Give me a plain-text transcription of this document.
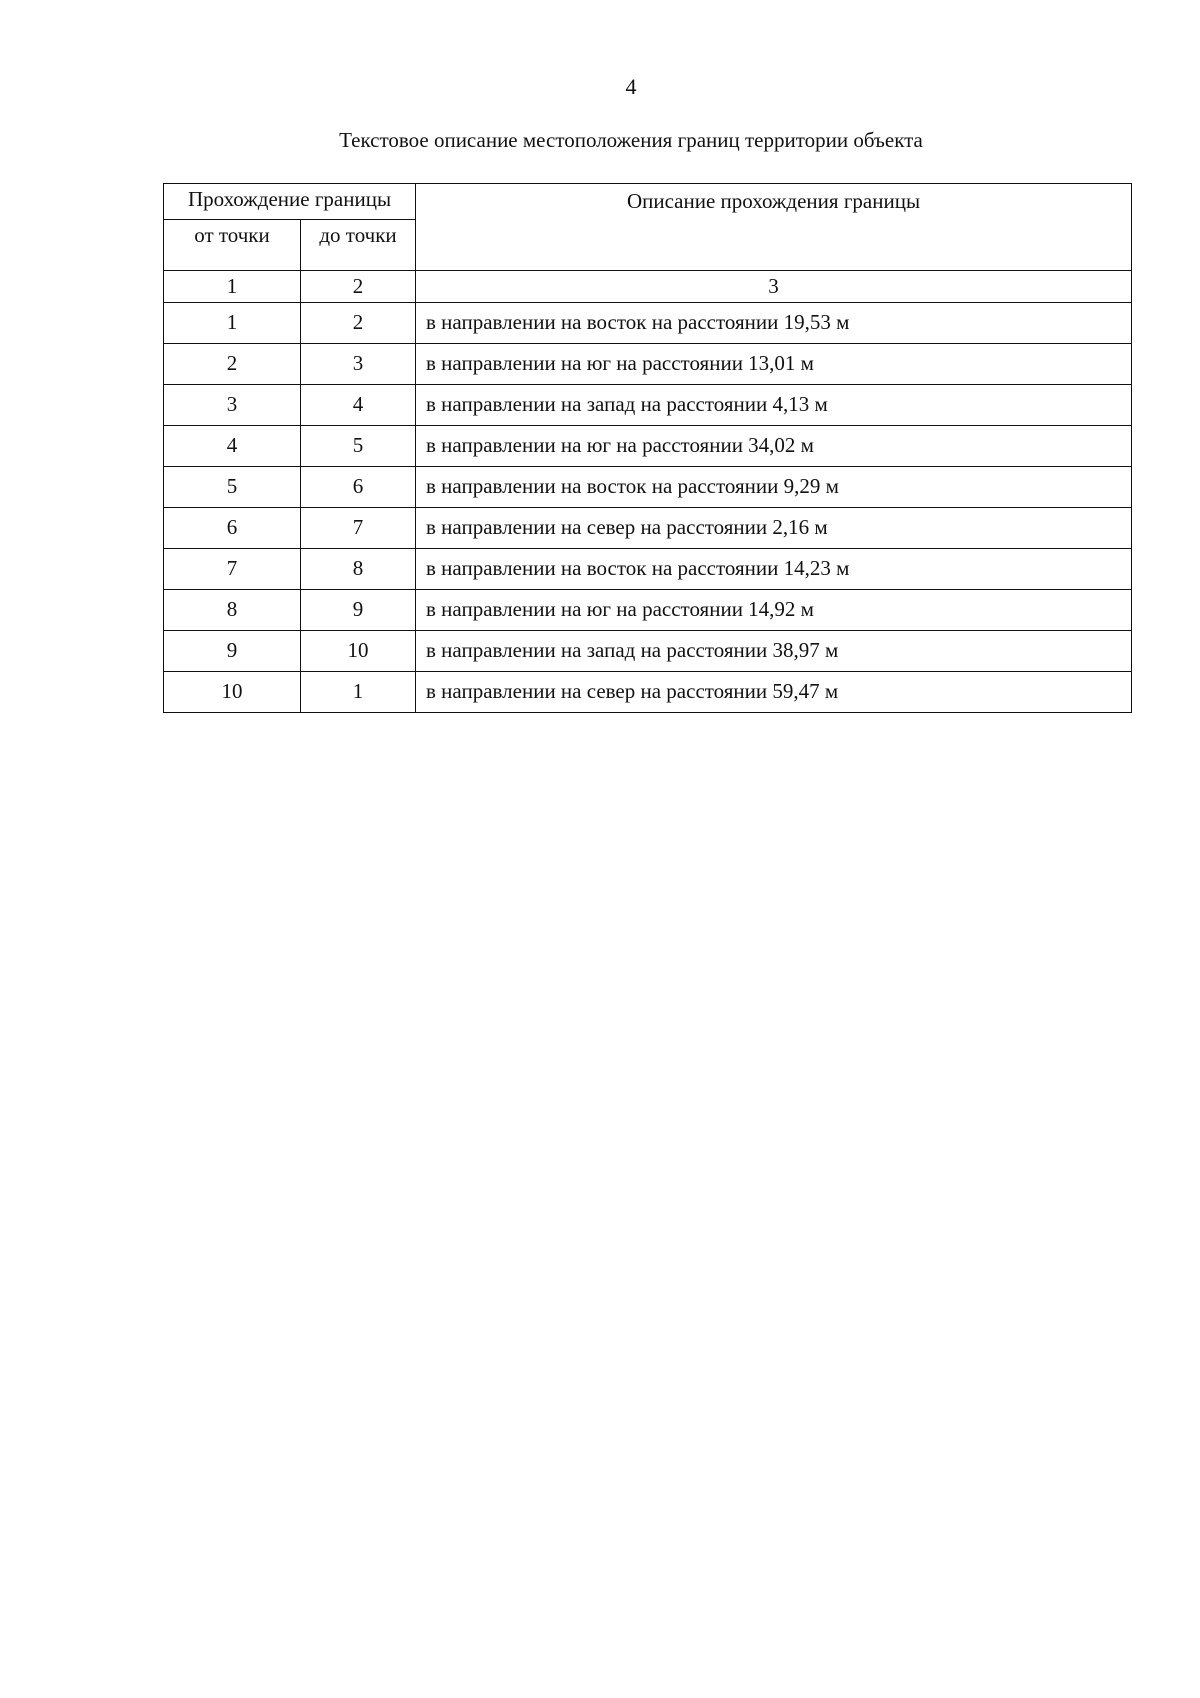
4
Текстовое описание местоположения границ территории объекта
Прохождение границы		Описание прохождения границы
от точки	до точки	
1	2	3
1	2	в направлении на восток на расстоянии 19,53 м
2	3	в направлении на юг на расстоянии 13,01 м
3	4	в направлении на запад на расстоянии 4,13 м
4	5	в направлении на юг на расстоянии 34,02 м
5	6	в направлении на восток на расстоянии 9,29 м
6	7	в направлении на север на расстоянии 2,16 м
7	8	в направлении на восток на расстоянии 14,23 м
8	9	в направлении на юг на расстоянии 14,92 м
9	10	в направлении на запад на расстоянии 38,97 м
10	1	в направлении на север на расстоянии 59,47 м
